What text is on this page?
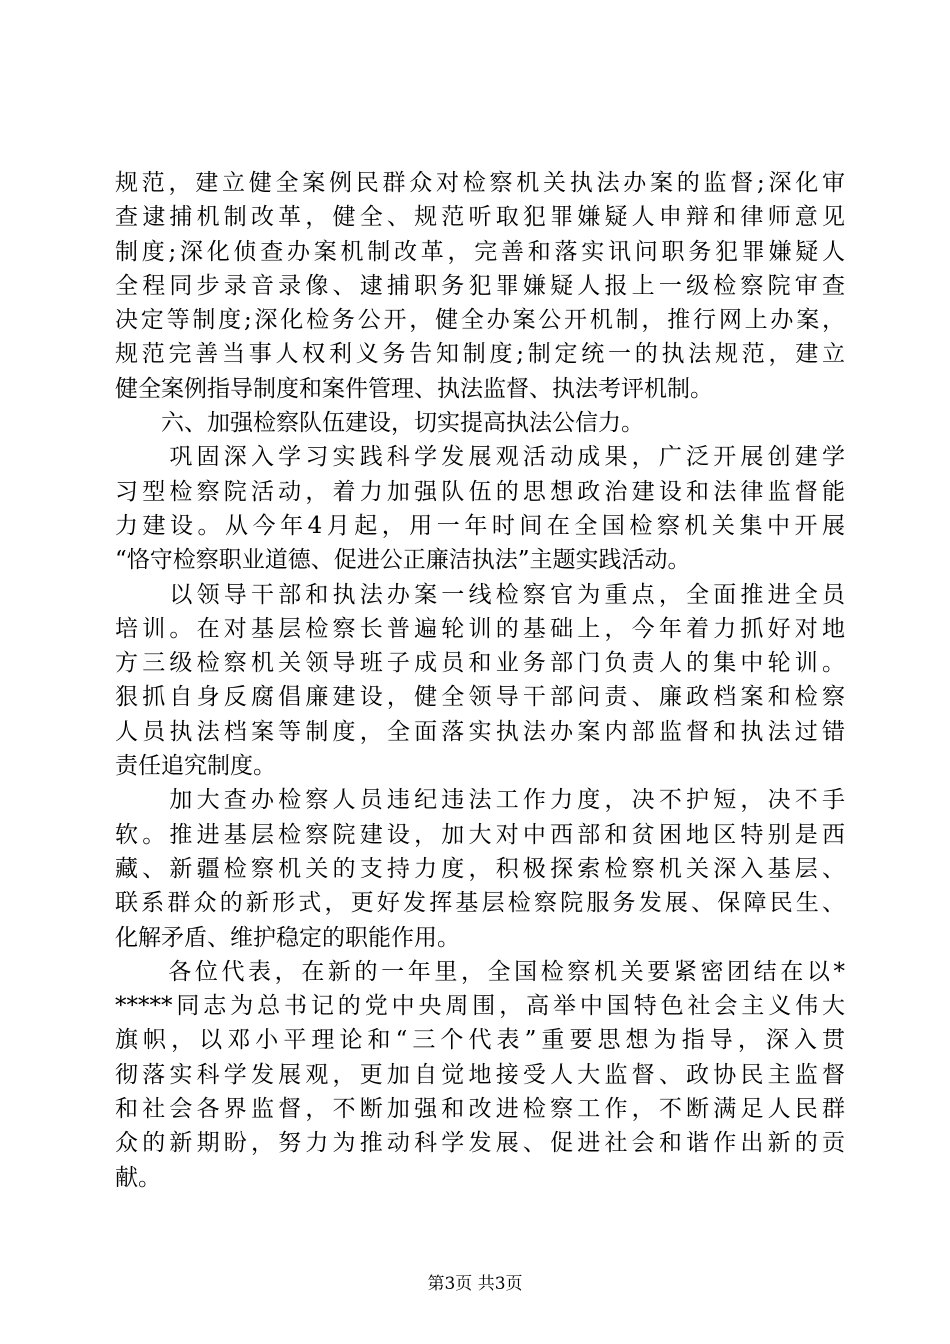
规范，建立健全案例民群众对检察机关执法办案的监督;深化审
查逮捕机制改革，健全、规范听取犯罪嫌疑人申辩和律师意见
制度;深化侦查办案机制改革，完善和落实讯问职务犯罪嫌疑人
全程同步录音录像、逮捕职务犯罪嫌疑人报上一级检察院审查
决定等制度;深化检务公开，健全办案公开机制，推行网上办案，
规范完善当事人权利义务告知制度;制定统一的执法规范，建立
健全案例指导制度和案件管理、执法监督、执法考评机制。
　　六、加强检察队伍建设，切实提高执法公信力。
　　巩固深入学习实践科学发展观活动成果，广泛开展创建学
习型检察院活动，着力加强队伍的思想政治建设和法律监督能
力建设。从今年4月起，用一年时间在全国检察机关集中开展
“恪守检察职业道德、促进公正廉洁执法”主题实践活动。
　　以领导干部和执法办案一线检察官为重点，全面推进全员
培训。在对基层检察长普遍轮训的基础上，今年着力抓好对地
方三级检察机关领导班子成员和业务部门负责人的集中轮训。
狠抓自身反腐倡廉建设，健全领导干部问责、廉政档案和检察
人员执法档案等制度，全面落实执法办案内部监督和执法过错
责任追究制度。
　　加大查办检察人员违纪违法工作力度，决不护短，决不手
软。推进基层检察院建设，加大对中西部和贫困地区特别是西
藏、新疆检察机关的支持力度，积极探索检察机关深入基层、
联系群众的新形式，更好发挥基层检察院服务发展、保障民生、
化解矛盾、维护稳定的职能作用。
　　各位代表，在新的一年里，全国检察机关要紧密团结在以*
*****同志为总书记的党中央周围，高举中国特色社会主义伟大
旗帜，以邓小平理论和“三个代表”重要思想为指导，深入贯
彻落实科学发展观，更加自觉地接受人大监督、政协民主监督
和社会各界监督，不断加强和改进检察工作，不断满足人民群
众的新期盼，努力为推动科学发展、促进社会和谐作出新的贡
献。
第3页 共3页
